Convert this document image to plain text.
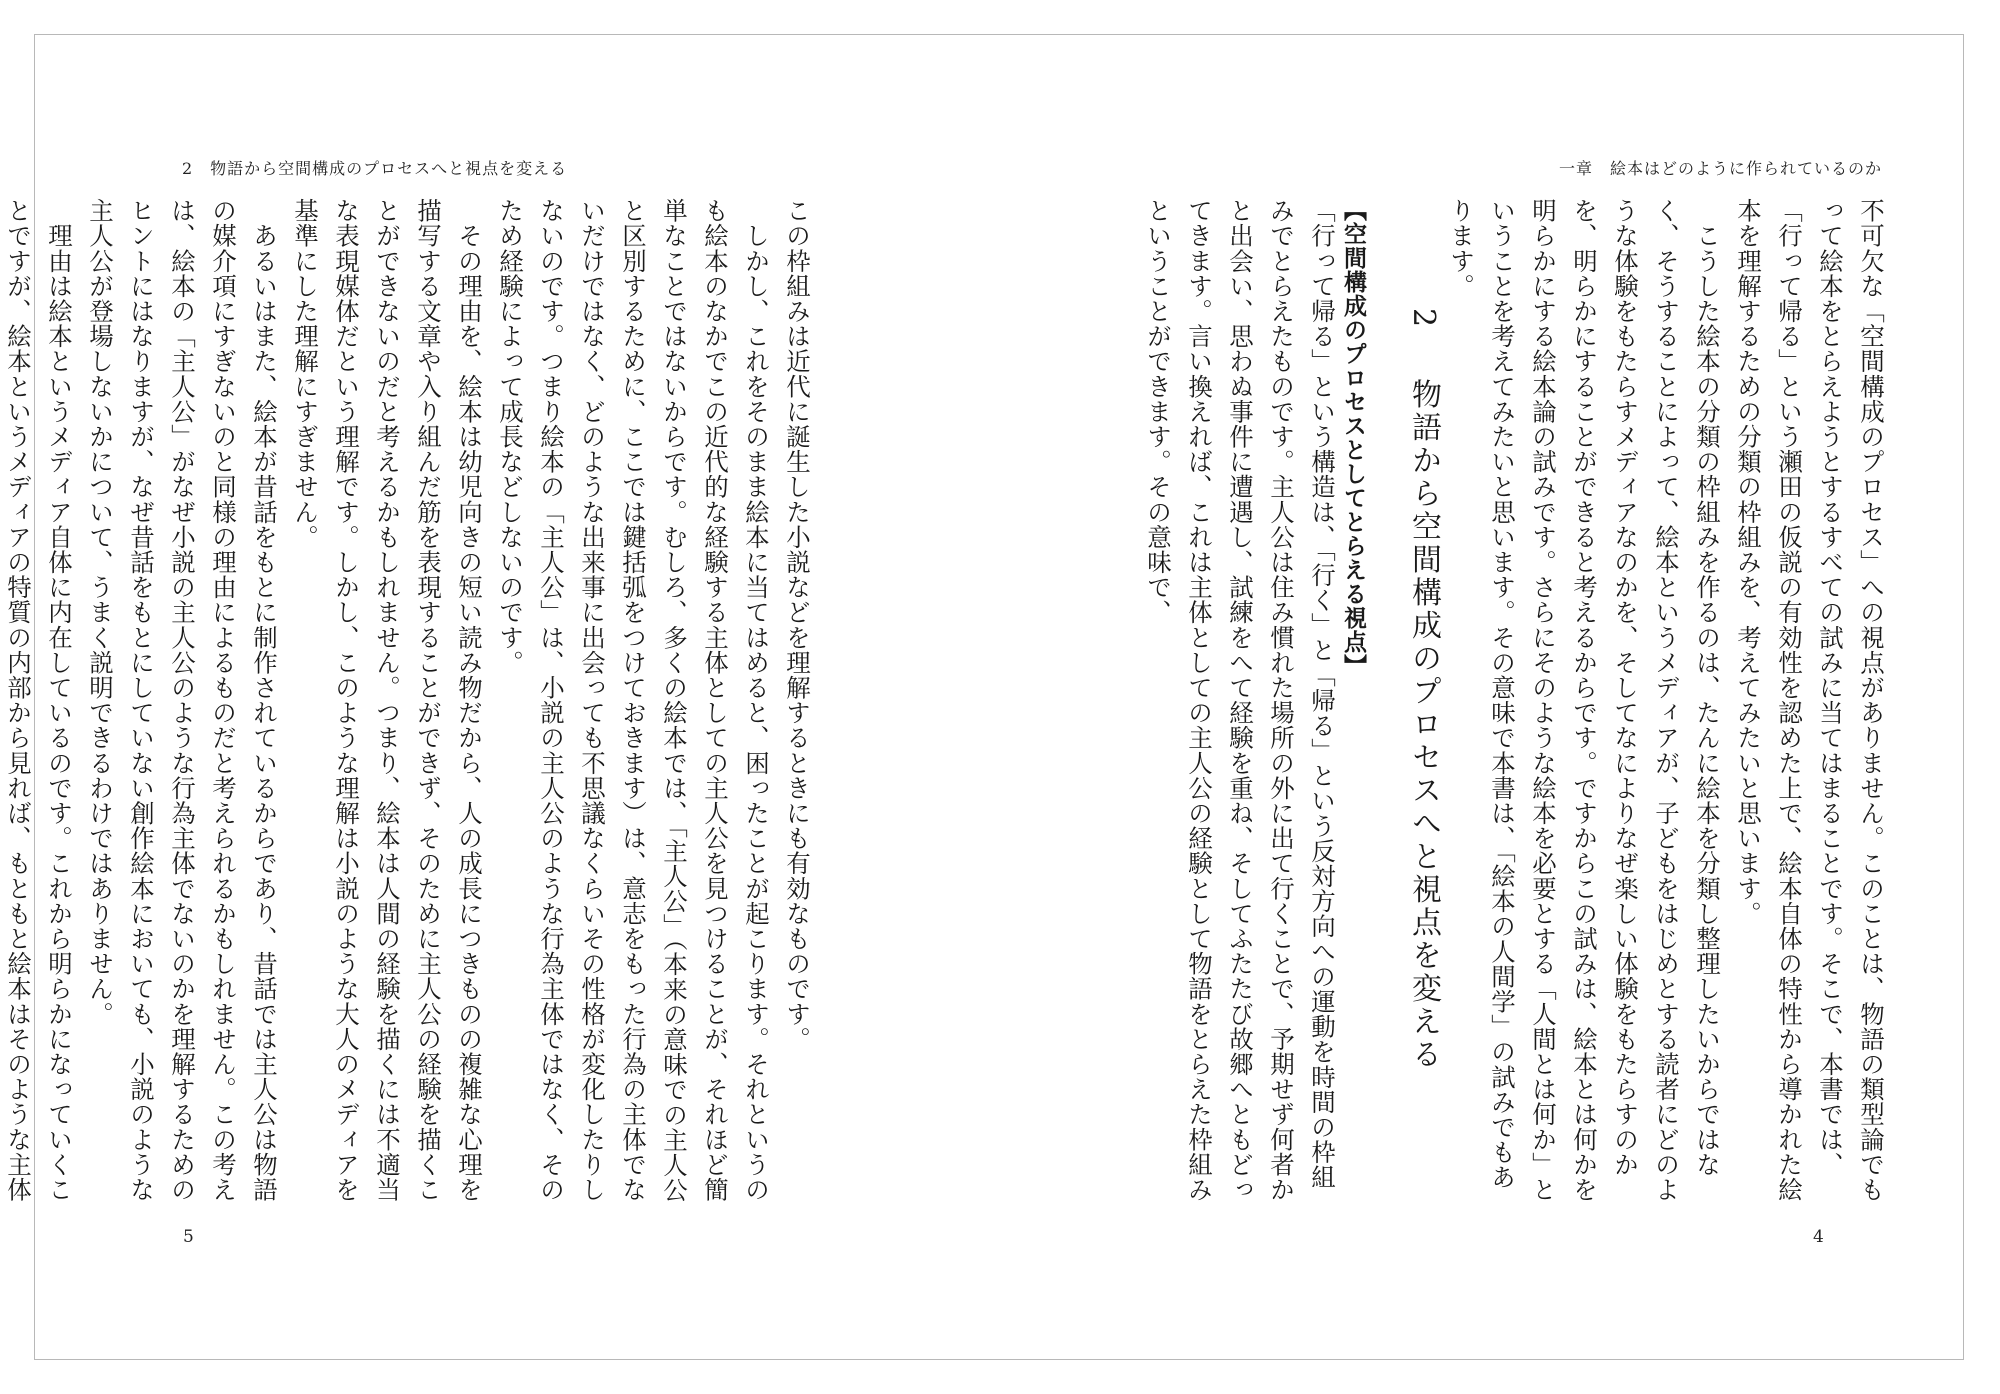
2　物語から空間構成のプロセスへと視点を変える

この枠組みは近代に誕生した小説などを理解するときにも有効なものです。

　しかし、これをそのまま絵本に当てはめると、困ったことが起こります。それというのも絵本のなかでこの近代的な経験する主体としての主人公を見つけることが、それほど簡単なことではないからです。むしろ、多くの絵本では、「主人公」（本来の意味での主人公と区別するために、ここでは鍵括弧をつけておきます）は、意志をもった行為の主体でないだけではなく、どのような出来事に出会っても不思議なくらいその性格が変化したりしないのです。つまり絵本の「主人公」は、小説の主人公のような行為主体ではなく、そのため経験によって成長などしないのです。

　その理由を、絵本は幼児向きの短い読み物だから、人の成長につきものの複雑な心理を描写する文章や入り組んだ筋を表現することができず、そのために主人公の経験を描くことができないのだと考えるかもしれません。つまり、絵本は人間の経験を描くには不適当な表現媒体だという理解です。しかし、このような理解は小説のような大人のメディアを基準にした理解にすぎません。

　あるいはまた、絵本が昔話をもとに制作されているからであり、昔話では主人公は物語の媒介項にすぎないのと同様の理由によるものだと考えられるかもしれません。この考えは、絵本の「主人公」がなぜ小説の主人公のような行為主体でないのかを理解するためのヒントにはなりますが、なぜ昔話をもとにしていない創作絵本においても、小説のような主人公が登場しないかについて、うまく説明できるわけではありません。

　理由は絵本というメディア自体に内在しているのです。これから明らかになっていくことですが、絵本というメディアの特質の内部から見れば、もともと絵本はそのような主体

5
一章　絵本はどのように作られているのか

不可欠な「空間構成のプロセス」への視点がありません。このことは、物語の類型論でもって絵本をとらえようとするすべての試みに当てはまることです。そこで、本書では、「行って帰る」という瀬田の仮説の有効性を認めた上で、絵本自体の特性から導かれた絵本を理解するための分類の枠組みを、考えてみたいと思います。

　こうした絵本の分類の枠組みを作るのは、たんに絵本を分類し整理したいからではなく、そうすることによって、絵本というメディアが、子どもをはじめとする読者にどのような体験をもたらすメディアなのかを、そしてなによりなぜ楽しい体験をもたらすのかを、明らかにすることができると考えるからです。ですからこの試みは、絵本とは何かを明らかにする絵本論の試みです。さらにそのような絵本を必要とする「人間とは何か」ということを考えてみたいと思います。その意味で本書は、「絵本の人間学」の試みでもあります。

2 物語から空間構成のプロセスへと視点を変える
【空間構成のプロセスとしてとらえる視点】

「行って帰る」という構造は、「行く」と「帰る」という反対方向への運動を時間の枠組みでとらえたものです。主人公は住み慣れた場所の外に出て行くことで、予期せず何者かと出会い、思わぬ事件に遭遇し、試練をへて経験を重ね、そしてふたたび故郷へともどってきます。言い換えれば、これは主体としての主人公の経験として物語をとらえた枠組みということができます。その意味で、

4
